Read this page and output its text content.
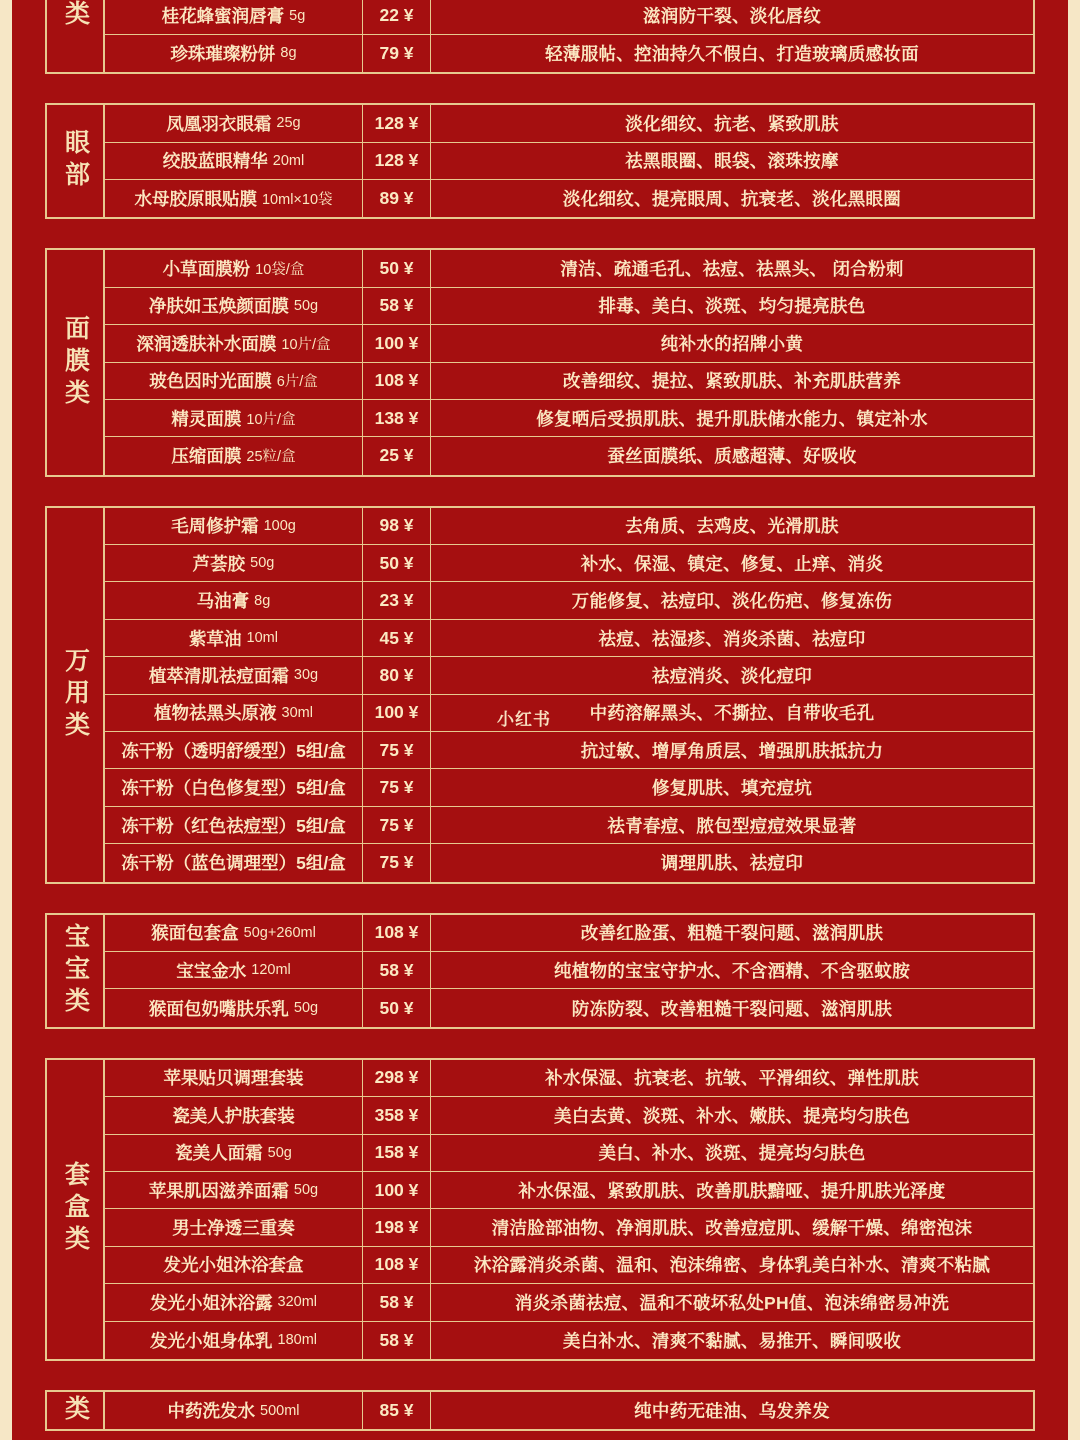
类	桂花蜂蜜润唇膏 5g	22 ¥	滋润防干裂、淡化唇纹
珍珠璀璨粉饼 8g	79 ¥	轻薄服帖、控油持久不假白、打造玻璃质感妆面
眼部
凤凰羽衣眼霜 25g	128 ¥	淡化细纹、抗老、紧致肌肤
绞股蓝眼精华 20ml	128 ¥	祛黑眼圈、眼袋、滚珠按摩
水母胶原眼贴膜 10ml×10袋	89 ¥	淡化细纹、提亮眼周、抗衰老、淡化黑眼圈
面膜类
小草面膜粉 10袋/盒	50 ¥	清洁、疏通毛孔、祛痘、祛黑头、 闭合粉刺
净肤如玉焕颜面膜 50g	58 ¥	排毒、美白、淡斑、均匀提亮肤色
深润透肤补水面膜 10片/盒	100 ¥	纯补水的招牌小黄
玻色因时光面膜 6片/盒	108 ¥	改善细纹、提拉、紧致肌肤、补充肌肤营养
精灵面膜 10片/盒	138 ¥	修复晒后受损肌肤、提升肌肤储水能力、镇定补水
压缩面膜 25粒/盒	25 ¥	蚕丝面膜纸、质感超薄、好吸收
万用类
毛周修护霜 100g	98 ¥	去角质、去鸡皮、光滑肌肤
芦荟胶 50g	50 ¥	补水、保湿、镇定、修复、止痒、消炎
马油膏 8g	23 ¥	万能修复、祛痘印、淡化伤疤、修复冻伤
紫草油 10ml	45 ¥	祛痘、祛湿疹、消炎杀菌、祛痘印
植萃清肌祛痘面霜 30g	80 ¥	祛痘消炎、淡化痘印
植物祛黑头原液 30ml	100 ¥	中药溶解黑头、不撕拉、自带收毛孔
冻干粉（透明舒缓型）5组/盒	75 ¥	抗过敏、增厚角质层、增强肌肤抵抗力
冻干粉（白色修复型）5组/盒	75 ¥	修复肌肤、填充痘坑
冻干粉（红色祛痘型）5组/盒	75 ¥	祛青春痘、脓包型痘痘效果显著
冻干粉（蓝色调理型）5组/盒	75 ¥	调理肌肤、祛痘印
宝宝类	猴面包套盒 50g+260ml	108 ¥	改善红脸蛋、粗糙干裂问题、滋润肌肤
宝宝金水 120ml	58 ¥	纯植物的宝宝守护水、不含酒精、不含驱蚊胺
猴面包奶嘴肤乐乳 50g	50 ¥	防冻防裂、改善粗糙干裂问题、滋润肌肤
套盒类
苹果贴贝调理套装	298 ¥	补水保湿、抗衰老、抗皱、平滑细纹、弹性肌肤
瓷美人护肤套装	358 ¥	美白去黄、淡斑、补水、嫩肤、提亮均匀肤色
瓷美人面霜 50g	158 ¥	美白、补水、淡斑、提亮均匀肤色
苹果肌因滋养面霜 50g	100 ¥	补水保湿、紧致肌肤、改善肌肤黯哑、提升肌肤光泽度
男士净透三重奏	198 ¥	清洁脸部油物、净润肌肤、改善痘痘肌、缓解干燥、绵密泡沫
发光小姐沐浴套盒	108 ¥	沐浴露消炎杀菌、温和、泡沫绵密、身体乳美白补水、清爽不粘腻
发光小姐沐浴露 320ml	58 ¥	消炎杀菌祛痘、温和不破坏私处PH值、泡沫绵密易冲洗
发光小姐身体乳 180ml	58 ¥	美白补水、清爽不黏腻、易推开、瞬间吸收
类	中药洗发水 500ml	85 ¥	纯中药无硅油、乌发养发
小红书
